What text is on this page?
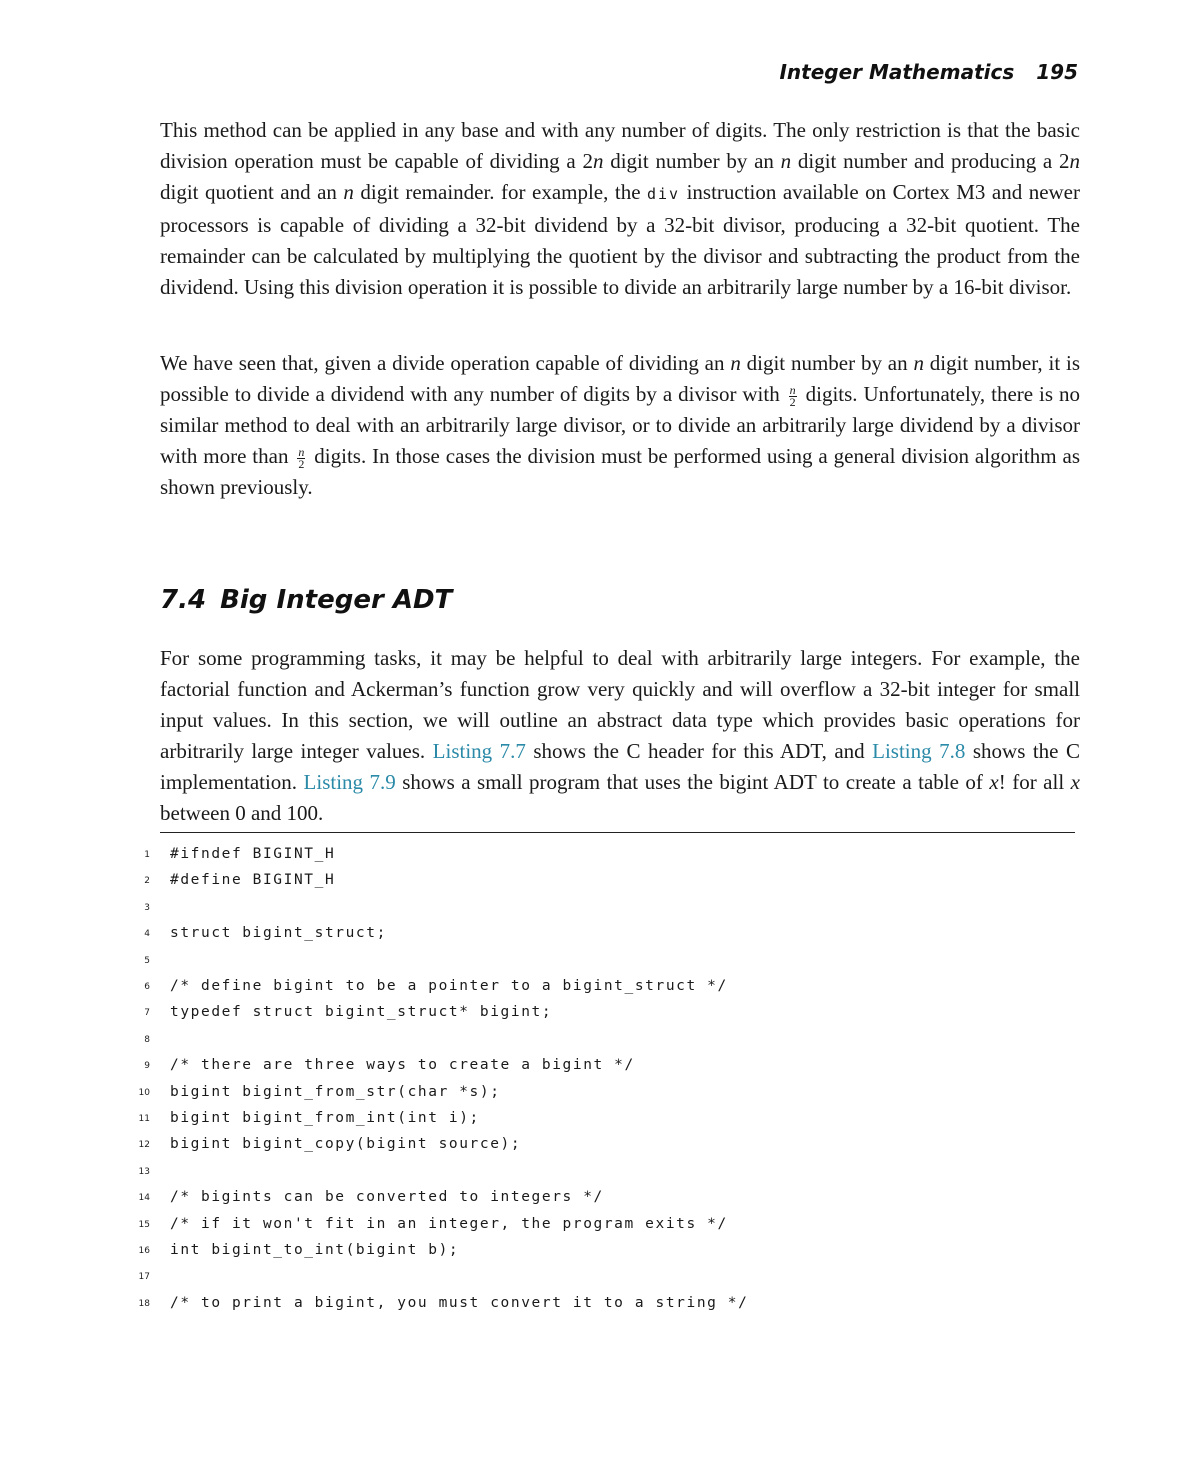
Integer Mathematics 195

This method can be applied in any base and with any number of digits. The only restriction is that the basic division operation must be capable of dividing a 2n digit number by an n digit number and producing a 2n digit quotient and an n digit remainder. for example, the div instruction available on Cortex M3 and newer processors is capable of dividing a 32-bit dividend by a 32-bit divisor, producing a 32-bit quotient. The remainder can be calculated by multiplying the quotient by the divisor and subtracting the product from the dividend. Using this division operation it is possible to divide an arbitrarily large number by a 16-bit divisor.

We have seen that, given a divide operation capable of dividing an n digit number by an n digit number, it is possible to divide a dividend with any number of digits by a divisor with $\frac{n}{2}$ digits. Unfortunately, there is no similar method to deal with an arbitrarily large divisor, or to divide an arbitrarily large dividend by a divisor with more than $\frac{n}{2}$ digits. In those cases the division must be performed using a general division algorithm as shown previously.

7.4 Big Integer ADT

For some programming tasks, it may be helpful to deal with arbitrarily large integers. For example, the factorial function and Ackerman’s function grow very quickly and will overflow a 32-bit integer for small input values. In this section, we will outline an abstract data type which provides basic operations for arbitrarily large integer values. Listing 7.7 shows the C header for this ADT, and Listing 7.8 shows the C implementation. Listing 7.9 shows a small program that uses the bigint ADT to create a table of x! for all x between 0 and 100.

1 #ifndef BIGINT_H
2 #define BIGINT_H
3
4 struct bigint_struct;
5
6 /* define bigint to be a pointer to a bigint_struct */
7 typedef struct bigint_struct* bigint;
8
9 /* there are three ways to create a bigint */
10 bigint bigint_from_str(char *s);
11 bigint bigint_from_int(int i);
12 bigint bigint_copy(bigint source);
13
14 /* bigints can be converted to integers */
15 /* if it won't fit in an integer, the program exits */
16 int bigint_to_int(bigint b);
17
18 /* to print a bigint, you must convert it to a string */
